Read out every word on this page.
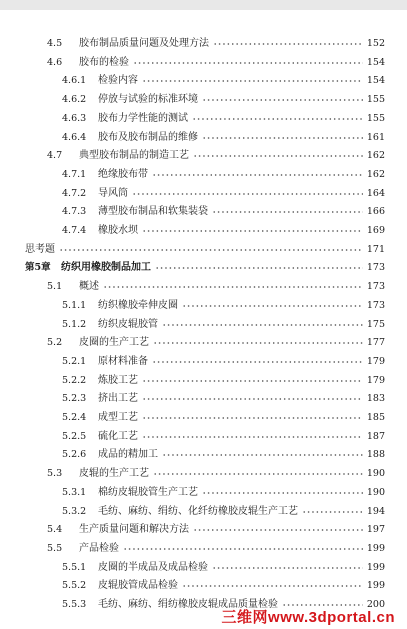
4.5	胶布制品质量问题及处理方法	152
4.6	胶布的检验	154
4.6.1	检验内容	154
4.6.2	停放与试验的标准环境	155
4.6.3	胶布力学性能的测试	155
4.6.4	胶布及胶布制品的维修	161
4.7	典型胶布制品的制造工艺	162
4.7.1	绝缘胶布带	162
4.7.2	导风筒	164
4.7.3	薄型胶布制品和软集装袋	166
4.7.4	橡胶水坝	169
思考题	171
第5章	纺织用橡胶制品加工	173
5.1	概述	173
5.1.1	纺织橡胶牵伸皮圈	173
5.1.2	纺织皮辊胶管	175
5.2	皮圈的生产工艺	177
5.2.1	原材料准备	179
5.2.2	炼胶工艺	179
5.2.3	挤出工艺	183
5.2.4	成型工艺	185
5.2.5	硫化工艺	187
5.2.6	成品的精加工	188
5.3	皮辊的生产工艺	190
5.3.1	棉纺皮辊胶管生产工艺	190
5.3.2	毛纺、麻纺、绢纺、化纤纺橡胶皮辊生产工艺	194
5.4	生产质量问题和解决方法	197
5.5	产品检验	199
5.5.1	皮圈的半成品及成品检验	199
5.5.2	皮辊胶管成品检验	199
5.5.3	毛纺、麻纺、绢纺橡胶皮辊成品质量检验	200
三维网www.3dportal.cn
